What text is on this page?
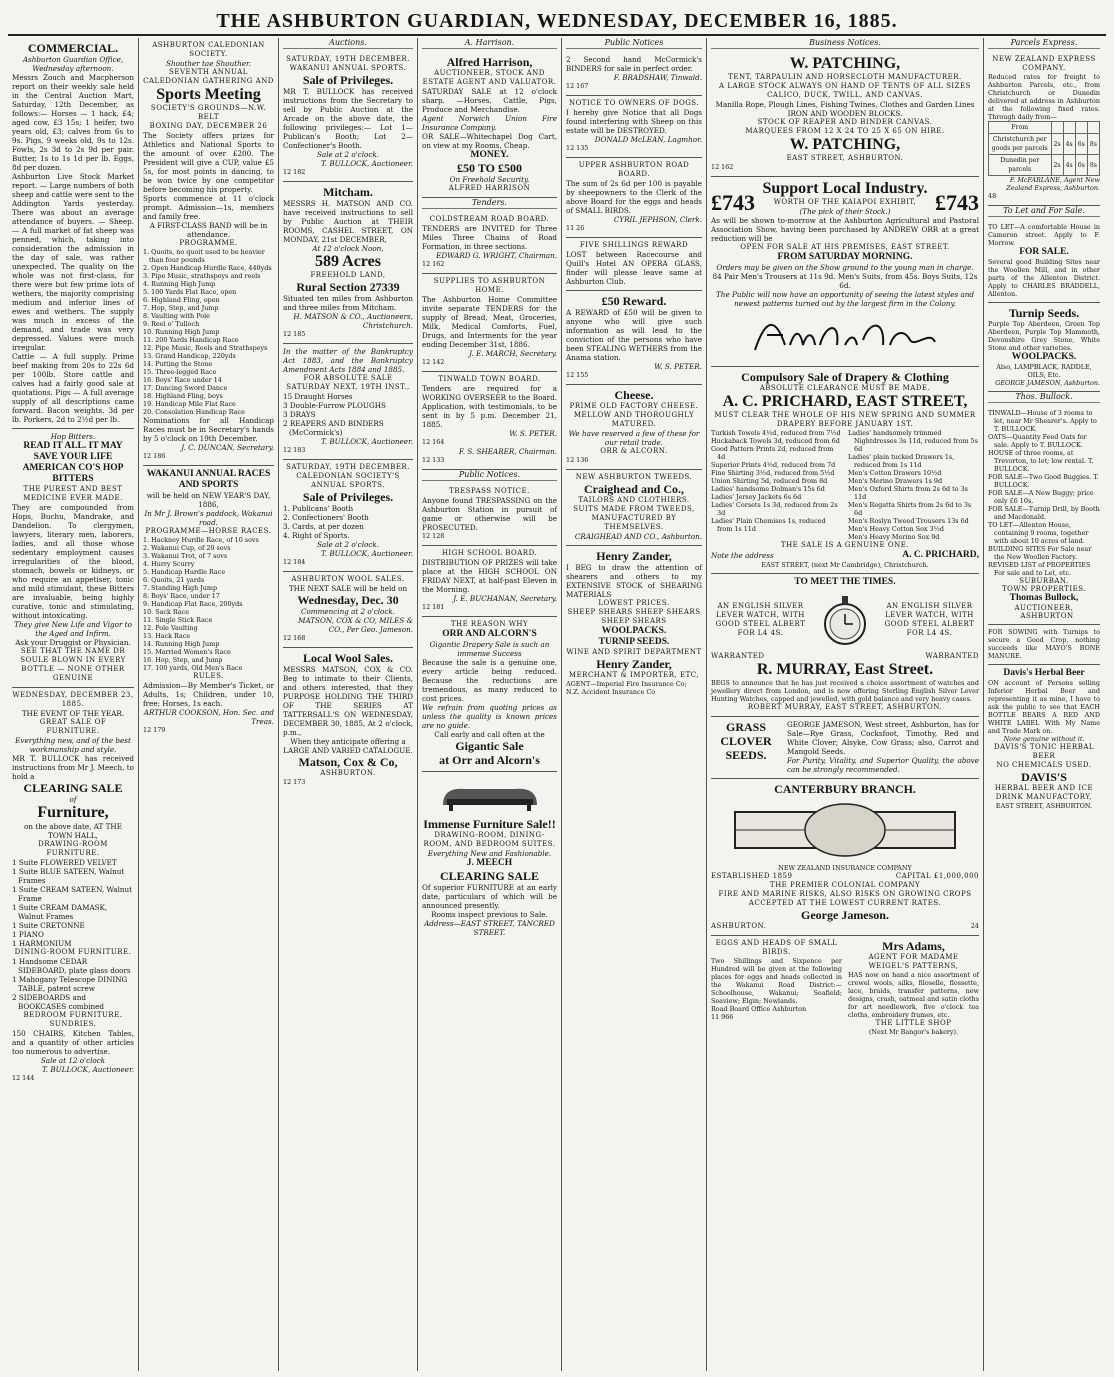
THE ASHBURTON GUARDIAN, WEDNESDAY, DECEMBER 16, 1885.
COMMERCIAL.
Ashburton Guardian Office,
Wednesday afternoon.
Messrs Zouch and Macpherson report on their weekly sale held in the Central Auction Mart, Saturday, 12th December, as follows:— Horses — 1 hack, £4; aged cow, £3 15s; 1 heifer, two years old, £3; calves from 6s to 9s. Pigs, 9 weeks old, 9s to 12s. Fowls, 2s 3d to 2s 9d per pair. Butter, 1s to 1s 1d per lb. Eggs, 8d per dozen.
Ashburton Live Stock Market report. — Large numbers of both sheep and cattle were sent to the Addington Yards yesterday. There was about an average attendance of buyers. — Sheep. — A full market of fat sheep was penned, which, taking into consideration the admission in the day of sale, was rather unexpected. The quality on the whole was not first-class, for there were but few prime lots of wethers, the majority comprising medium and inferior lines of ewes and wethers. The supply was much in excess of the demand, and trade was very depressed. Values were much irregular.
Cattle — A full supply. Prime beef making from 20s to 22s 6d per 100lb. Store cattle and calves had a fairly good sale at quotations. Pigs — A full average supply of all descriptions came forward. Bacon weights, 3d per lb. Porkers, 2d to 2½d per lb.
Hop Bitters.
READ IT ALL. IT MAY SAVE YOUR LIFE
AMERICAN CO'S HOP BITTERS
THE PUREST AND BEST MEDICINE EVER MADE.
They are compounded from Hops, Buchu, Mandrake, and Dandelion. To clergymen, lawyers, literary men, laborers, ladies, and all those whose sedentary employment causes irregularities of the blood, stomach, bowels or kidneys, or who require an appetiser, tonic and mild stimulant, these Bitters are invaluable, being highly curative, tonic and stimulating, without intoxicating.
They give New Life and Vigor to the Aged and Infirm.
Ask your Druggist or Physician.
SEE THAT THE NAME DR SOULE BLOWN IN EVERY BOTTLE — NONE OTHER GENUINE
WEDNESDAY, DECEMBER 23, 1885.
THE EVENT OF THE YEAR.
GREAT SALE OF FURNITURE.
Everything new, and of the best workmanship and style.
MR T. BULLOCK has received instructions from Mr J. Meech, to hold a
CLEARING SALE
of
Furniture,
on the above date, AT THE TOWN HALL,
DRAWING-ROOM FURNITURE.
1 Suite FLOWERED VELVET
1 Suite BLUE SATEEN, Walnut Frames
1 Suite CREAM SATEEN, Walnut Frame
1 Suite CREAM DAMASK, Walnut Frames
1 Suite CRETONNE
1 PIANO
1 HARMONIUM
DINING-ROOM FURNITURE.
1 Handsome CEDAR SIDEBOARD, plate glass doors
1 Mahogany Telescope DINING TABLE, patent screw
2 SIDEBOARDS and BOOKCASES combined
BEDROOM FURNITURE.
SUNDRIES.
150 CHAIRS, Kitchen Tables, and a quantity of other articles too numerous to advertise.
Sale at 12 o'clock
T. BULLOCK, Auctioneer.
12 144
ASHBURTON CALEDONIAN SOCIETY.
Shouther tae Shouther.
SEVENTH ANNUAL CALEDONIAN GATHERING AND
Sports Meeting
SOCIETY'S GROUNDS—N.W. BELT
BOXING DAY, DECEMBER 26
The Society offers prizes for Athletics and National Sports to the amount of over £200. The President will give a CUP, value £5 5s, for most points in dancing, to be won twice by one competitor before becoming his property.
Sports commence at 11 o'clock prompt. Admission—1s, members and family free.
A FIRST-CLASS BAND will be in attendance.
PROGRAMME.
1. Quoits, no quoit used to be heavier than four pounds
2. Open Handicap Hurdle Race, 440yds
3. Pipe Music, strathspeys and reels
4. Running High Jump
5. 100 Yards Flat Race, open
6. Highland Fling, open
7. Hop, Step, and Jump
8. Vaulting with Pole
9. Reel o' Tulloch
10. Running High Jump
11. 200 Yards Handicap Race
12. Pipe Music, Reels and Strathspeys
13. Grand Handicap, 220yds
14. Putting the Stone
15. Three-legged Race
16. Boys' Race under 14
17. Dancing Sword Dance
18. Highland Fling, boys
19. Handicap Mile Flat Race
20. Consolation Handicap Race
Nominations for all Handicap Races must be in Secretary's hands by 5 o'clock on 19th December.
J. C. DUNCAN, Secretary.
12 186
WAKANUI ANNUAL RACES AND SPORTS
will be held on NEW YEAR'S DAY, 1886,
In Mr J. Brown's paddock, Wakanui road.
PROGRAMME—HORSE RACES.
1. Hackney Hurdle Race, of 10 sovs
2. Wakanui Cup, of 20 sovs
3. Wakanui Trot, of 7 sovs
4. Hurry Scurry
5. Handicap Hurdle Race
6. Quoits, 21 yards
7. Standing High Jump
8. Boys' Race, under 17
9. Handicap Flat Race, 200yds
10. Sack Race
11. Single Stick Race
12. Pole Vaulting
13. Hack Race
14. Running High Jump
15. Married Women's Race
16. Hop, Step, and Jump
17. 100 yards, Old Men's Race
RULES.
Admission—By Member's Ticket, or Adults, 1s; Children, under 10, free; Horses, 1s each.
ARTHUR COOKSON, Hon. Sec. and Treas.
12 179
Auctions.
SATURDAY, 19TH DECEMBER.
WAKANUI ANNUAL SPORTS.
Sale of Privileges.
MR T. BULLOCK has received instructions from the Secretary to sell by Public Auction at the Arcade on the above date, the following privileges:— Lot 1—Publican's Booth; Lot 2—Confectioner's Booth.
Sale at 2 o'clock.
T. BULLOCK, Auctioneer.
12 182
Mitcham.
MESSRS H. MATSON AND CO. have received instructions to sell by Public Auction at THEIR ROOMS, CASHEL STREET, ON MONDAY, 21st DECEMBER,
At 12 o'clock Noon,
589 Acres
FREEHOLD LAND,
Rural Section 27339
Situated ten miles from Ashburton and three miles from Mitcham.
H. MATSON & CO., Auctioneers, Christchurch.
12 185
In the matter of the Bankruptcy Act 1883, and the Bankruptcy Amendment Acts 1884 and 1885.
FOR ABSOLUTE SALE
SATURDAY NEXT, 19TH INST.,
15 Draught Horses
3 Double-Furrow PLOUGHS
3 DRAYS
2 REAPERS AND BINDERS (McCormick's)
T. BULLOCK, Auctioneer.
12 183
SATURDAY, 19TH DECEMBER.
CALEDONIAN SOCIETY'S ANNUAL SPORTS.
Sale of Privileges.
1. Publicans' Booth
2. Confectioners' Booth
3. Cards, at per dozen
4. Right of Sports.
Sale at 2 o'clock.
T. BULLOCK, Auctioneer.
12 184
ASHBURTON WOOL SALES.
THE NEXT SALE will be held on
Wednesday, Dec. 30
Commencing at 2 o'clock.
MATSON, COX & CO, MILES & CO., Per Geo. Jameson.
12 168
Local Wool Sales.
MESSRS MATSON, COX & CO. Beg to intimate to their Clients, and others interested, that they PURPOSE HOLDING THE THIRD OF THE SERIES AT TATTERSALL'S ON WEDNESDAY, DECEMBER 30, 1885, At 2 o'clock, p.m.,
When they anticipate offering a LARGE AND VARIED CATALOGUE.
Matson, Cox & Co,
ASHBURTON.
12 173
A. Harrison.
Alfred Harrison,
AUCTIONEER, STOCK AND ESTATE AGENT AND VALUATOR.
SATURDAY SALE at 12 o'clock sharp. —Horses, Cattle, Pigs, Produce and Merchandise.
Agent Norwich Union Fire Insurance Company.
OR SALE—Whitechapel Dog Cart, on view at my Rooms, Cheap.
MONEY.
£50 TO £500
On Freehold Security.
ALFRED HARRISON
Tenders.
COLDSTREAM ROAD BOARD.
TENDERS are INVITED for Three Miles Three Chains of Road Formation, in three sections.
EDWARD G. WRIGHT, Chairman.
12 162
SUPPLIES TO ASHBURTON HOME.
The Ashburton Home Committee invite separate TENDERS for the supply of Bread, Meat, Groceries, Milk, Medical Comforts, Fuel, Drugs, and Interments for the year ending December 31st, 1886.
J. E. MARCH, Secretary.
12 142
TINWALD TOWN BOARD.
Tenders are required for a WORKING OVERSEER to the Board. Application, with testimonials, to be sent in by 5 p.m. December 21, 1885.
W. S. PETER.
12 164
F. S. SHEARER, Chairman.
12 133
Public Notices.
TRESPASS NOTICE.
Anyone found TRESPASSING on the Ashburton Station in pursuit of game or otherwise will be PROSECUTED.
12 128
HIGH SCHOOL BOARD.
DISTRIBUTION OF PRIZES will take place at the HIGH SCHOOL ON FRIDAY NEXT, at half-past Eleven in the Morning.
J. E. BUCHANAN, Secretary.
12 181
THE REASON WHY
ORR AND ALCORN'S
Gigantic Drapery Sale is such an immense Success
Because the sale is a genuine one, every article being reduced. Because the reductions are tremendous, as many reduced to cost prices.
We refrain from quoting prices as unless the quality is known prices are no guide.
Call early and call often at the
Gigantic Sale
at Orr and Alcorn's
Immense Furniture Sale!!
DRAWING-ROOM, DINING-ROOM, AND BEDROOM SUITES.
Everything New and Fashionable.
J. MEECH
CLEARING SALE
Of superior FURNITURE at an early date, particulars of which will be announced presently.
Rooms inspect previous to Sale.
Address—EAST STREET, TANCRED STREET.
Public Notices
2 Second hand McCormick's BINDERS for sale in perfect order.
F. BRADSHAW, Tinwald.
12 167
NOTICE TO OWNERS OF DOGS.
I hereby give Notice that all Dogs found interfering with Sheep on this estate will be DESTROYED.
DONALD McLEAN, Lagmhor.
12 135
UPPER ASHBURTON ROAD BOARD.
The sum of 2s 6d per 100 is payable by sheepowners to the Clerk of the above Board for the eggs and heads of SMALL BIRDS.
CYRIL JEPHSON, Clerk.
11 26
FIVE SHILLINGS REWARD
LOST between Racecourse and Quill's Hotel AN OPERA GLASS, finder will please leave same at Ashburton Club.
£50 Reward.
A REWARD of £50 will be given to anyone who will give such information as will lead to the conviction of the persons who have been STEALING WETHERS from the Anama station.
W. S. PETER.
12 155
Cheese.
PRIME OLD FACTORY CHEESE. MELLOW AND THOROUGHLY MATURED.
We have reserved a few of these for our retail trade.
ORR & ALCORN.
12 136
NEW ASHBURTON TWEEDS.
Craighead and Co.,
TAILORS AND CLOTHIERS.
SUITS MADE FROM TWEEDS, MANUFACTURED BY THEMSELVES.
CRAIGHEAD AND CO., Ashburton.
Henry Zander,
I BEG to draw the attention of shearers and others to my EXTENSIVE STOCK of SHEARING MATERIALS
LOWEST PRICES.
SHEEP SHEARS SHEEP SHEARS SHEEP SHEARS
WOOLPACKS.
TURNIP SEEDS.
WINE AND SPIRIT DEPARTMENT
Henry Zander,
MERCHANT & IMPORTER, ETC,
AGENT—Imperial Fire Insurance Co; N.Z. Accident Insurance Co
Business Notices.
W. PATCHING,
TENT, TARPAULIN AND HORSECLOTH MANUFACTURER.
A LARGE STOCK ALWAYS ON HAND OF TENTS OF ALL SIZES CALICO, DUCK, TWILL, AND CANVAS.
Manilla Rope, Plough Lines, Fishing Twines, Clothes and Garden Lines IRON AND WOODEN BLOCKS.
STOCK OF REAPER AND BINDER CANVAS.
MARQUEES FROM 12 X 24 TO 25 X 65 ON HIRE.
W. PATCHING,
EAST STREET, ASHBURTON.
12 162
Support Local Industry.
£743	WORTH OF THE KAIAPOI EXHIBIT, £743
(The pick of their Stock.)
As will be shown to-morrow at the Ashburton Agricultural and Pastoral Association Show, having been purchased by ANDREW ORR at a great reduction will be
OPEN FOR SALE AT HIS PREMISES, EAST STREET.
FROM SATURDAY MORNING.
Orders may be given on the Show ground to the young man in charge.
84 Pair Men's Trousers at 11s 9d. Men's Suits, from 45s. Boys Suits, 12s 6d.
The Public will now have an opportunity of seeing the latest styles and newest patterns turned out by the largest firm in the Colony.
Compulsory Sale of Drapery & Clothing
ABSOLUTE CLEARANCE MUST BE MADE.
A. C. PRICHARD, EAST STREET,
MUST CLEAR THE WHOLE OF HIS NEW SPRING AND SUMMER DRAPERY BEFORE JANUARY 1ST.
Turkish Towels 4½d, reduced from 7½d
Huckaback Towels 3d, reduced from 6d
Good Pattern Prints 2d, reduced from 4d
Superior Prints 4½d, reduced from 7d
Fine Shirting 3½d, reduced from 5½d
Union Shirting 5d, reduced from 8d
Ladies' handsome Dolman's 15s 6d
Ladies' Jersey Jackets 6s 6d
Ladies' Corsets 1s 3d, reduced from 2s 3d
Ladies' Plain Chemises 1s, reduced from 1s 11d
Ladies' handsomely trimmed Nightdresses 3s 11d, reduced from 5s 6d
Ladies' plain tucked Drawers 1s, reduced from 1s 11d
Men's Cotton Drawers 10½d
Men's Merino Drawers 1s 9d
Men's Oxford Shirts from 2s 6d to 3s 11d
Men's Regatta Shirts from 2s 6d to 3s 6d
Men's Roslyn Tweed Trousers 13s 6d
Men's Heavy Cotton Sox 3½d
Men's Heavy Merino Sox 9d
THE SALE IS A GENUINE ONE.
Note the address	A. C. PRICHARD,
EAST STREET, (next Mr Cambridge), Christchurch.
TO MEET THE TIMES.
AN ENGLISH SILVER LEVER WATCH, WITH GOOD STEEL ALBERT FOR L4 4S.
AN ENGLISH SILVER LEVER WATCH, WITH GOOD STEEL ALBERT FOR L4 4S.
WARRANTED	WARRANTED
R. MURRAY, East Street.
BEGS to announce that he has just received a choice assortment of watches and jewellery direct from London, and is now offering Sterling English Silver Lever Hunting Watches, capped and jewelled, with gold balance and very heavy cases.
ROBERT MURRAY, EAST STREET, ASHBURTON.
GRASS
CLOVER
SEEDS.
GEORGE JAMESON, West street, Ashburton, has for Sale—Rye Grass, Cocksfoot, Timothy, Red and White Clover; Alsyke, Cow Grass; also, Carrot and Mangold Seeds.
For Purity, Vitality, and Superior Quality, the above can be strongly recommended.
CANTERBURY BRANCH.
NEW ZEALAND INSURANCE COMPANY
ESTABLISHED 1859	CAPITAL £1,000,000
THE PREMIER COLONIAL COMPANY
FIRE AND MARINE RISKS, ALSO RISKS ON GROWING CROPS ACCEPTED AT THE LOWEST CURRENT RATES.
George Jameson.
ASHBURTON.	24
EGGS AND HEADS OF SMALL BIRDS.
Two Shillings and Sixpence per Hundred will be given at the following places for eggs and heads collected in the Wakanui Road District:— Schoolhouse, Wakanui; Seafield; Seaview; Elgin; Newlands.
Road Board Office Ashburton
11 966
Mrs Adams,
AGENT FOR MADAME WEIGEL'S PATTERNS,
HAS now on hand a nice assortment of crewel wools, silks, filoselle, flossette, lace, braids, transfer patterns, new designs, crash, oatmeal and satin cloths for art needlework, five o'clock tea cloths, embroidery frames, etc.
THE LITTLE SHOP
(Next Mr Bangor's bakery).
Parcels Express.
NEW ZEALAND EXPRESS COMPANY.
Reduced rates for freight to Ashburton Parcels, etc., from Christchurch or Dunedin delivered at address in Ashburton at the following fixed rates. Through daily from—
From				
Christchurch per goods per parcels	2s	4s	6s	8s
Dunedin per parcels	2s	4s	6s	8s
F. McFARLANE, Agent New Zealand Express, Ashburton.
48
To Let and For Sale.
TO LET—A comfortable House in Cameron street. Apply to F. Morrow.
FOR SALE.
Several good Building Sites near the Woollen Mill, and in other parts of the Allenton District. Apply to CHARLES BRADDELL, Allenton.
Turnip Seeds.
Purple Top Aberdeen, Green Top Aberdeen, Purple Top Mammoth, Devonshire Grey Stone, White Stone and other varieties.
WOOLPACKS.
Also, LAMPBLACK, RADDLE, OILS, Etc.
GEORGE JAMESON, Ashburton.
Thos. Bullock.
TINWALD—House of 3 rooms to let, near Mr Shearer's. Apply to T. BULLOCK.
OATS—Quantity Feed Oats for sale. Apply to T. BULLOCK.
HOUSE of three rooms, at Trevorton, to let; low rental. T. BULLOCK.
FOR SALE—Two Good Buggies. T. BULLOCK.
FOR SALE—A New Buggy; price only £6 10s.
FOR SALE—Turnip Drill, by Booth and Macdonald.
TO LET—Allenton House, containing 9 rooms, together with about 10 acres of land.
BUILDING SITES For Sale near the New Woollen Factory.
REVISED LIST of PROPERTIES For sale and to Let, etc.
SUBURBAN.
TOWN PROPERTIES.
Thomas Bullock,
AUCTIONEER, ASHBURTON
FOR SOWING with Turnips to secure a Good Crop, nothing succeeds like MAYO'S BONE MANURE.
Davis's Herbal Beer
ON account of Persons selling Inferior Herbal Beer and representing it as mine, I have to ask the public to see that EACH BOTTLE BEARS A RED AND WHITE LABEL With My Name and Trade Mark on.
None genuine without it.
DAVIS'S TONIC HERBAL BEER
NO CHEMICALS USED.
DAVIS'S
HERBAL BEER AND ICE DRINK MANUFACTORY,
EAST STREET, ASHBURTON.
